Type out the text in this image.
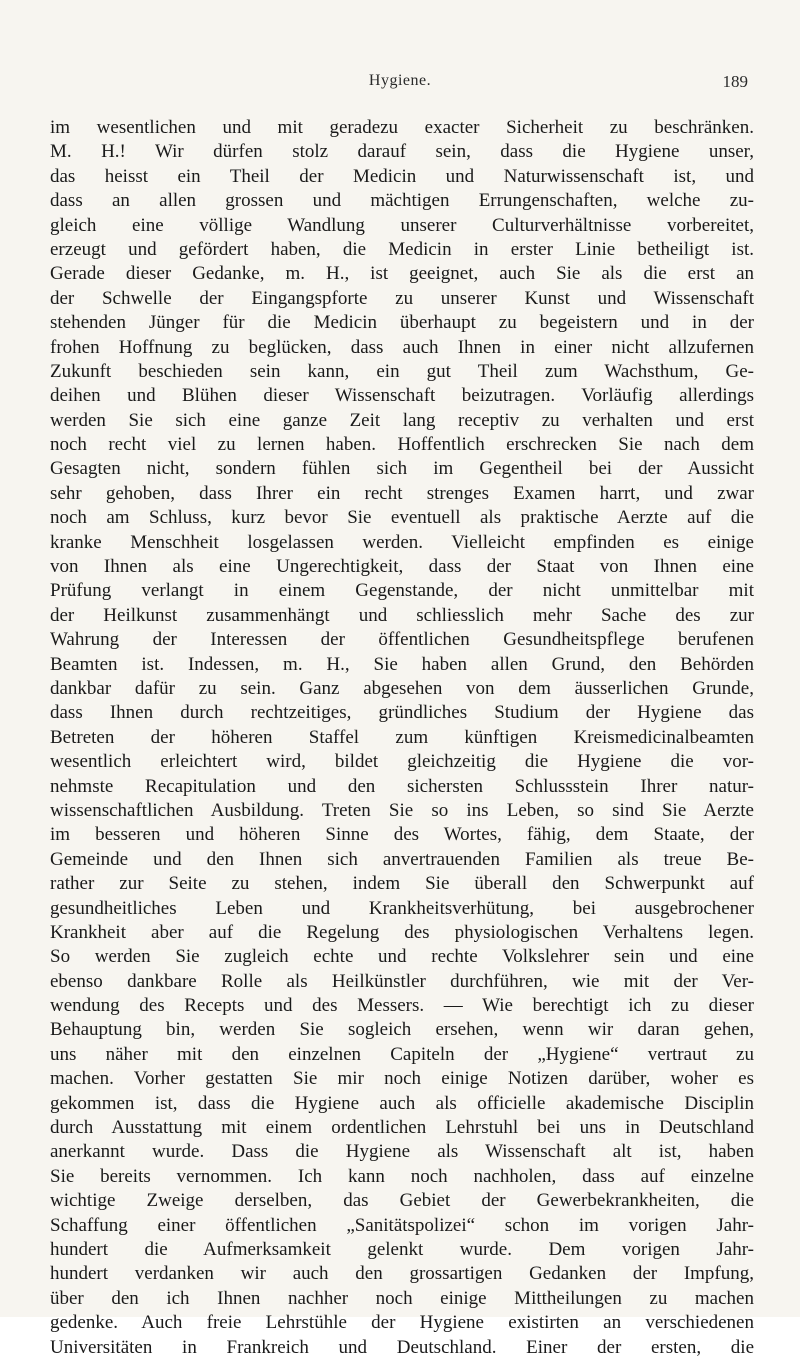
Hygiene.	189
im wesentlichen und mit geradezu exacter Sicherheit zu beschränken.
M. H.! Wir dürfen stolz darauf sein, dass die Hygiene unser,
das heisst ein Theil der Medicin und Naturwissenschaft ist, und
dass an allen grossen und mächtigen Errungenschaften, welche zu-
gleich eine völlige Wandlung unserer Culturverhältnisse vorbereitet,
erzeugt und gefördert haben, die Medicin in erster Linie betheiligt ist.
Gerade dieser Gedanke, m. H., ist geeignet, auch Sie als die erst an
der Schwelle der Eingangspforte zu unserer Kunst und Wissenschaft
stehenden Jünger für die Medicin überhaupt zu begeistern und in der
frohen Hoffnung zu beglücken, dass auch Ihnen in einer nicht allzufernen
Zukunft beschieden sein kann, ein gut Theil zum Wachsthum, Ge-
deihen und Blühen dieser Wissenschaft beizutragen. Vorläufig allerdings
werden Sie sich eine ganze Zeit lang receptiv zu verhalten und erst
noch recht viel zu lernen haben. Hoffentlich erschrecken Sie nach dem
Gesagten nicht, sondern fühlen sich im Gegentheil bei der Aussicht
sehr gehoben, dass Ihrer ein recht strenges Examen harrt, und zwar
noch am Schluss, kurz bevor Sie eventuell als praktische Aerzte auf die
kranke Menschheit losgelassen werden. Vielleicht empfinden es einige
von Ihnen als eine Ungerechtigkeit, dass der Staat von Ihnen eine
Prüfung verlangt in einem Gegenstande, der nicht unmittelbar mit
der Heilkunst zusammenhängt und schliesslich mehr Sache des zur
Wahrung der Interessen der öffentlichen Gesundheitspflege berufenen
Beamten ist. Indessen, m. H., Sie haben allen Grund, den Behörden
dankbar dafür zu sein. Ganz abgesehen von dem äusserlichen Grunde,
dass Ihnen durch rechtzeitiges, gründliches Studium der Hygiene das
Betreten der höheren Staffel zum künftigen Kreismedicinalbeamten
wesentlich erleichtert wird, bildet gleichzeitig die Hygiene die vor-
nehmste Recapitulation und den sichersten Schlussstein Ihrer natur-
wissenschaftlichen Ausbildung. Treten Sie so ins Leben, so sind Sie Aerzte
im besseren und höheren Sinne des Wortes, fähig, dem Staate, der
Gemeinde und den Ihnen sich anvertrauenden Familien als treue Be-
rather zur Seite zu stehen, indem Sie überall den Schwerpunkt auf
gesundheitliches Leben und Krankheitsverhütung, bei ausgebrochener
Krankheit aber auf die Regelung des physiologischen Verhaltens legen.
So werden Sie zugleich echte und rechte Volkslehrer sein und eine
ebenso dankbare Rolle als Heilkünstler durchführen, wie mit der Ver-
wendung des Recepts und des Messers. — Wie berechtigt ich zu dieser
Behauptung bin, werden Sie sogleich ersehen, wenn wir daran gehen,
uns näher mit den einzelnen Capiteln der „Hygiene“ vertraut zu
machen. Vorher gestatten Sie mir noch einige Notizen darüber, woher es
gekommen ist, dass die Hygiene auch als officielle akademische Disciplin
durch Ausstattung mit einem ordentlichen Lehrstuhl bei uns in Deutschland
anerkannt wurde. Dass die Hygiene als Wissenschaft alt ist, haben
Sie bereits vernommen. Ich kann noch nachholen, dass auf einzelne
wichtige Zweige derselben, das Gebiet der Gewerbekrankheiten, die
Schaffung einer öffentlichen „Sanitätspolizei“ schon im vorigen Jahr-
hundert die Aufmerksamkeit gelenkt wurde. Dem vorigen Jahr-
hundert verdanken wir auch den grossartigen Gedanken der Impfung,
über den ich Ihnen nachher noch einige Mittheilungen zu machen
gedenke. Auch freie Lehrstühle der Hygiene existirten an verschiedenen
Universitäten in Frankreich und Deutschland. Einer der ersten, die
